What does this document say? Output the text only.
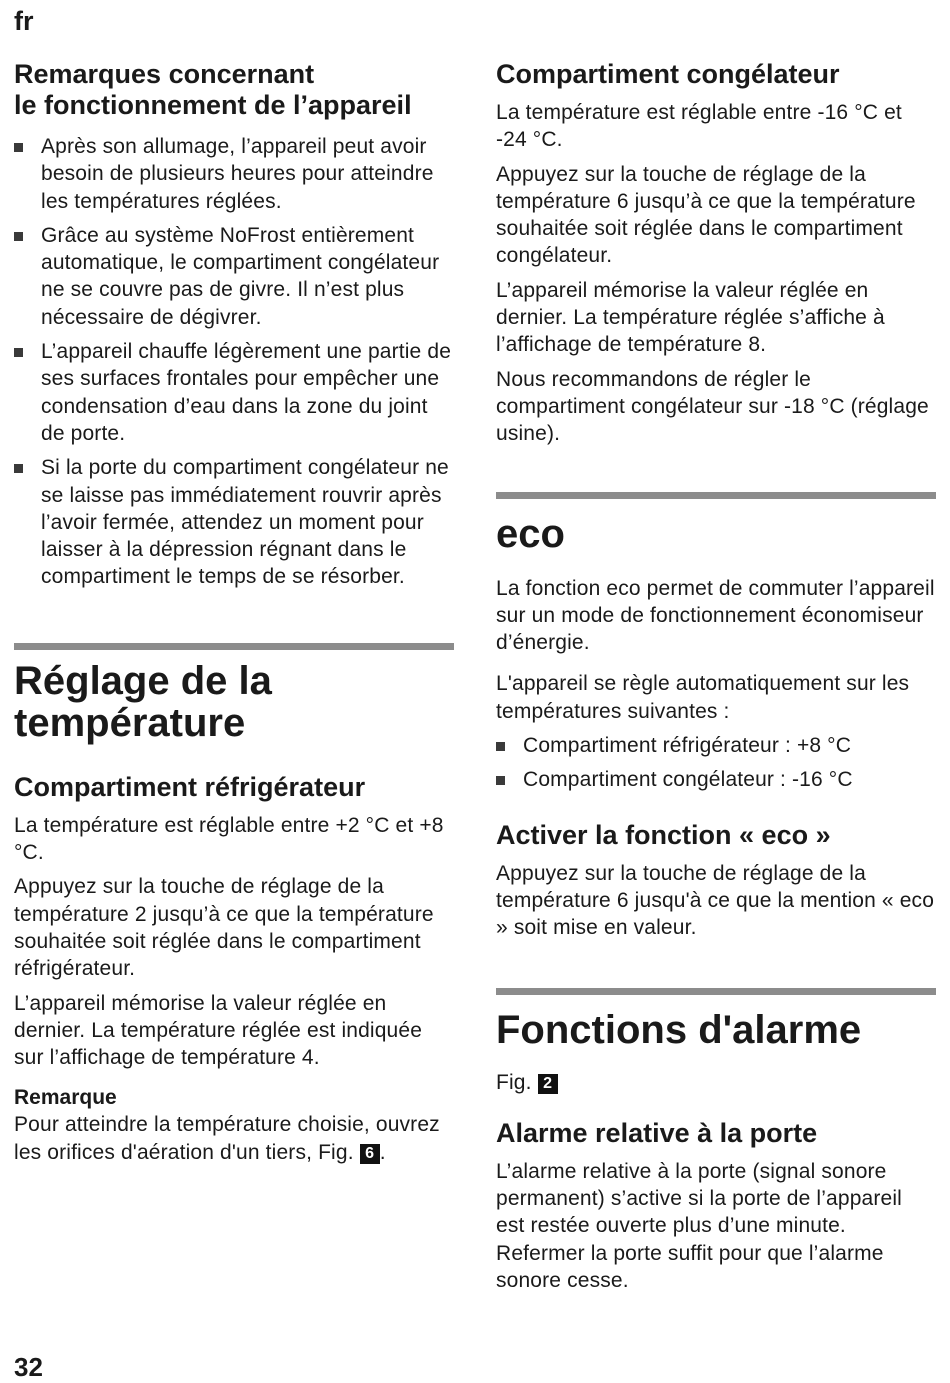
fr
Remarques concernant
le fonctionnement de l’appareil
Après son allumage, l’appareil peut avoir besoin de plusieurs heures pour atteindre les températures réglées.
Grâce au système NoFrost entièrement automatique, le compartiment congélateur ne se couvre pas de givre. Il n’est plus nécessaire de dégivrer.
L’appareil chauffe légèrement une partie de ses surfaces frontales pour empêcher une condensation d’eau dans la zone du joint de porte.
Si la porte du compartiment congélateur ne se laisse pas immédiatement rouvrir après l’avoir fermée, attendez un moment pour laisser à la dépression régnant dans le compartiment le temps de se résorber.
Réglage de la
température
Compartiment réfrigérateur

La température est réglable entre +2 °C et +8 °C.

Appuyez sur la touche de réglage de la température 2 jusqu’à ce que la température souhaitée soit réglée dans le compartiment réfrigérateur.

L’appareil mémorise la valeur réglée en dernier. La température réglée est indiquée sur l’affichage de température 4.

Remarque

Pour atteindre la température choisie, ouvrez les orifices d'aération d'un tiers, Fig. 6 .

Compartiment congélateur

La température est réglable entre -16 °C et -24 °C.

Appuyez sur la touche de réglage de la température 6 jusqu’à ce que la température souhaitée soit réglée dans le compartiment congélateur.

L’appareil mémorise la valeur réglée en dernier. La température réglée s’affiche à l’affichage de température 8.

Nous recommandons de régler le compartiment congélateur sur -18 °C (réglage usine).

eco

La fonction eco permet de commuter l’appareil sur un mode de fonctionnement économiseur d’énergie.

L'appareil se règle automatiquement sur les températures suivantes :

Compartiment réfrigérateur : +8 °C
Compartiment congélateur : -16 °C
Activer la fonction « eco »

Appuyez sur la touche de réglage de la température 6 jusqu'à ce que la mention « eco » soit mise en valeur.

Fonctions d'alarme

Fig. 2

Alarme relative à la porte

L’alarme relative à la porte (signal sonore permanent) s’active si la porte de l’appareil est restée ouverte plus d’une minute. Refermer la porte suffit pour que l’alarme sonore cesse.

32
